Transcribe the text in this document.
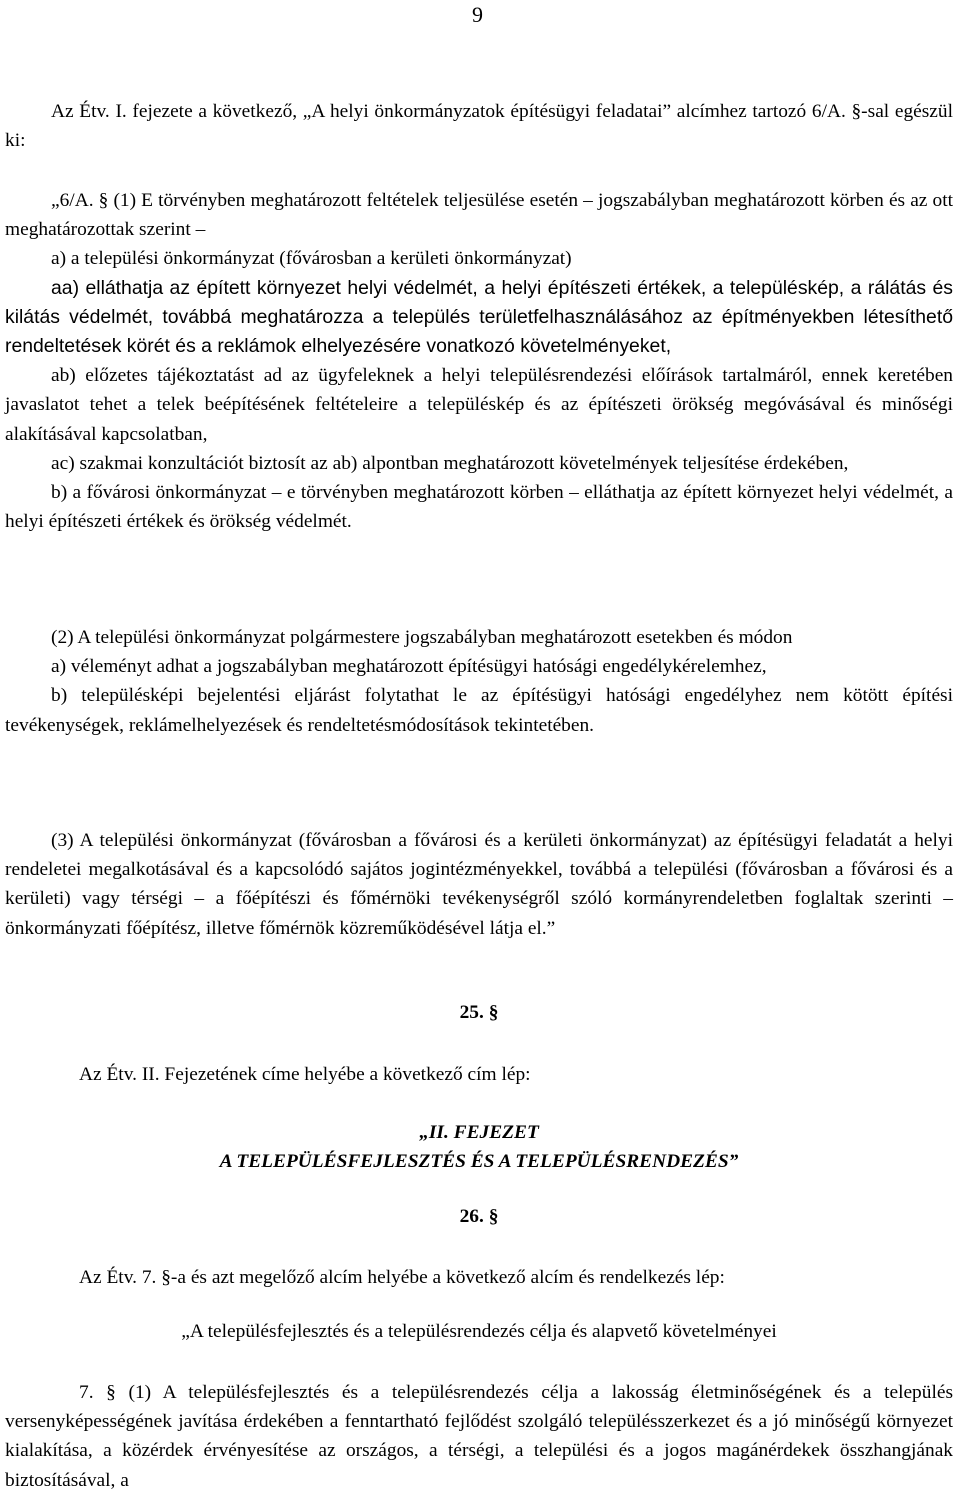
9

Az Étv. I. fejezete a következő, „A helyi önkormányzatok építésügyi feladatai” alcímhez tartozó 6/A. §-sal egészül ki:

„6/A. § (1) E törvényben meghatározott feltételek teljesülése esetén – jogszabályban meghatározott körben és az ott meghatározottak szerint –

a) a települési önkormányzat (fővárosban a kerületi önkormányzat)

aa) elláthatja az épített környezet helyi védelmét, a helyi építészeti értékek, a településkép, a rálátás és kilátás védelmét, továbbá meghatározza a település területfelhasználásához az építményekben létesíthető rendeltetések körét és a reklámok elhelyezésére vonatkozó követelményeket,

ab) előzetes tájékoztatást ad az ügyfeleknek a helyi településrendezési előírások tartalmáról, ennek keretében javaslatot tehet a telek beépítésének feltételeire a településkép és az építészeti örökség megóvásával és minőségi alakításával kapcsolatban,

ac) szakmai konzultációt biztosít az ab) alpontban meghatározott követelmények teljesítése érdekében,

b) a fővárosi önkormányzat – e törvényben meghatározott körben – elláthatja az épített környezet helyi védelmét, a helyi építészeti értékek és örökség védelmét.

(2) A települési önkormányzat polgármestere jogszabályban meghatározott esetekben és módon

a) véleményt adhat a jogszabályban meghatározott építésügyi hatósági engedélykérelemhez,

b) településképi bejelentési eljárást folytathat le az építésügyi hatósági engedélyhez nem kötött építési tevékenységek, reklámelhelyezések és rendeltetésmódosítások tekintetében.

(3) A települési önkormányzat (fővárosban a fővárosi és a kerületi önkormányzat) az építésügyi feladatát a helyi rendeletei megalkotásával és a kapcsolódó sajátos jogintézményekkel, továbbá a települési (fővárosban a fővárosi és a kerületi) vagy térségi – a főépítészi és főmérnöki tevékenységről szóló kormányrendeletben foglaltak szerinti – önkormányzati főépítész, illetve főmérnök közreműködésével látja el.”

25. §

Az Étv. II. Fejezetének címe helyébe a következő cím lép:

„II. FEJEZET
A TELEPÜLÉSFEJLESZTÉS ÉS A TELEPÜLÉSRENDEZÉS”
26. §

Az Étv. 7. §-a és azt megelőző alcím helyébe a következő alcím és rendelkezés lép:

„A településfejlesztés és a településrendezés célja és alapvető követelményei

7. § (1) A településfejlesztés és a településrendezés célja a lakosság életminőségének és a település versenyképességének javítása érdekében a fenntartható fejlődést szolgáló településszerkezet és a jó minőségű környezet kialakítása, a közérdek érvényesítése az országos, a térségi, a települési és a jogos magánérdekek összhangjának biztosításával, a
